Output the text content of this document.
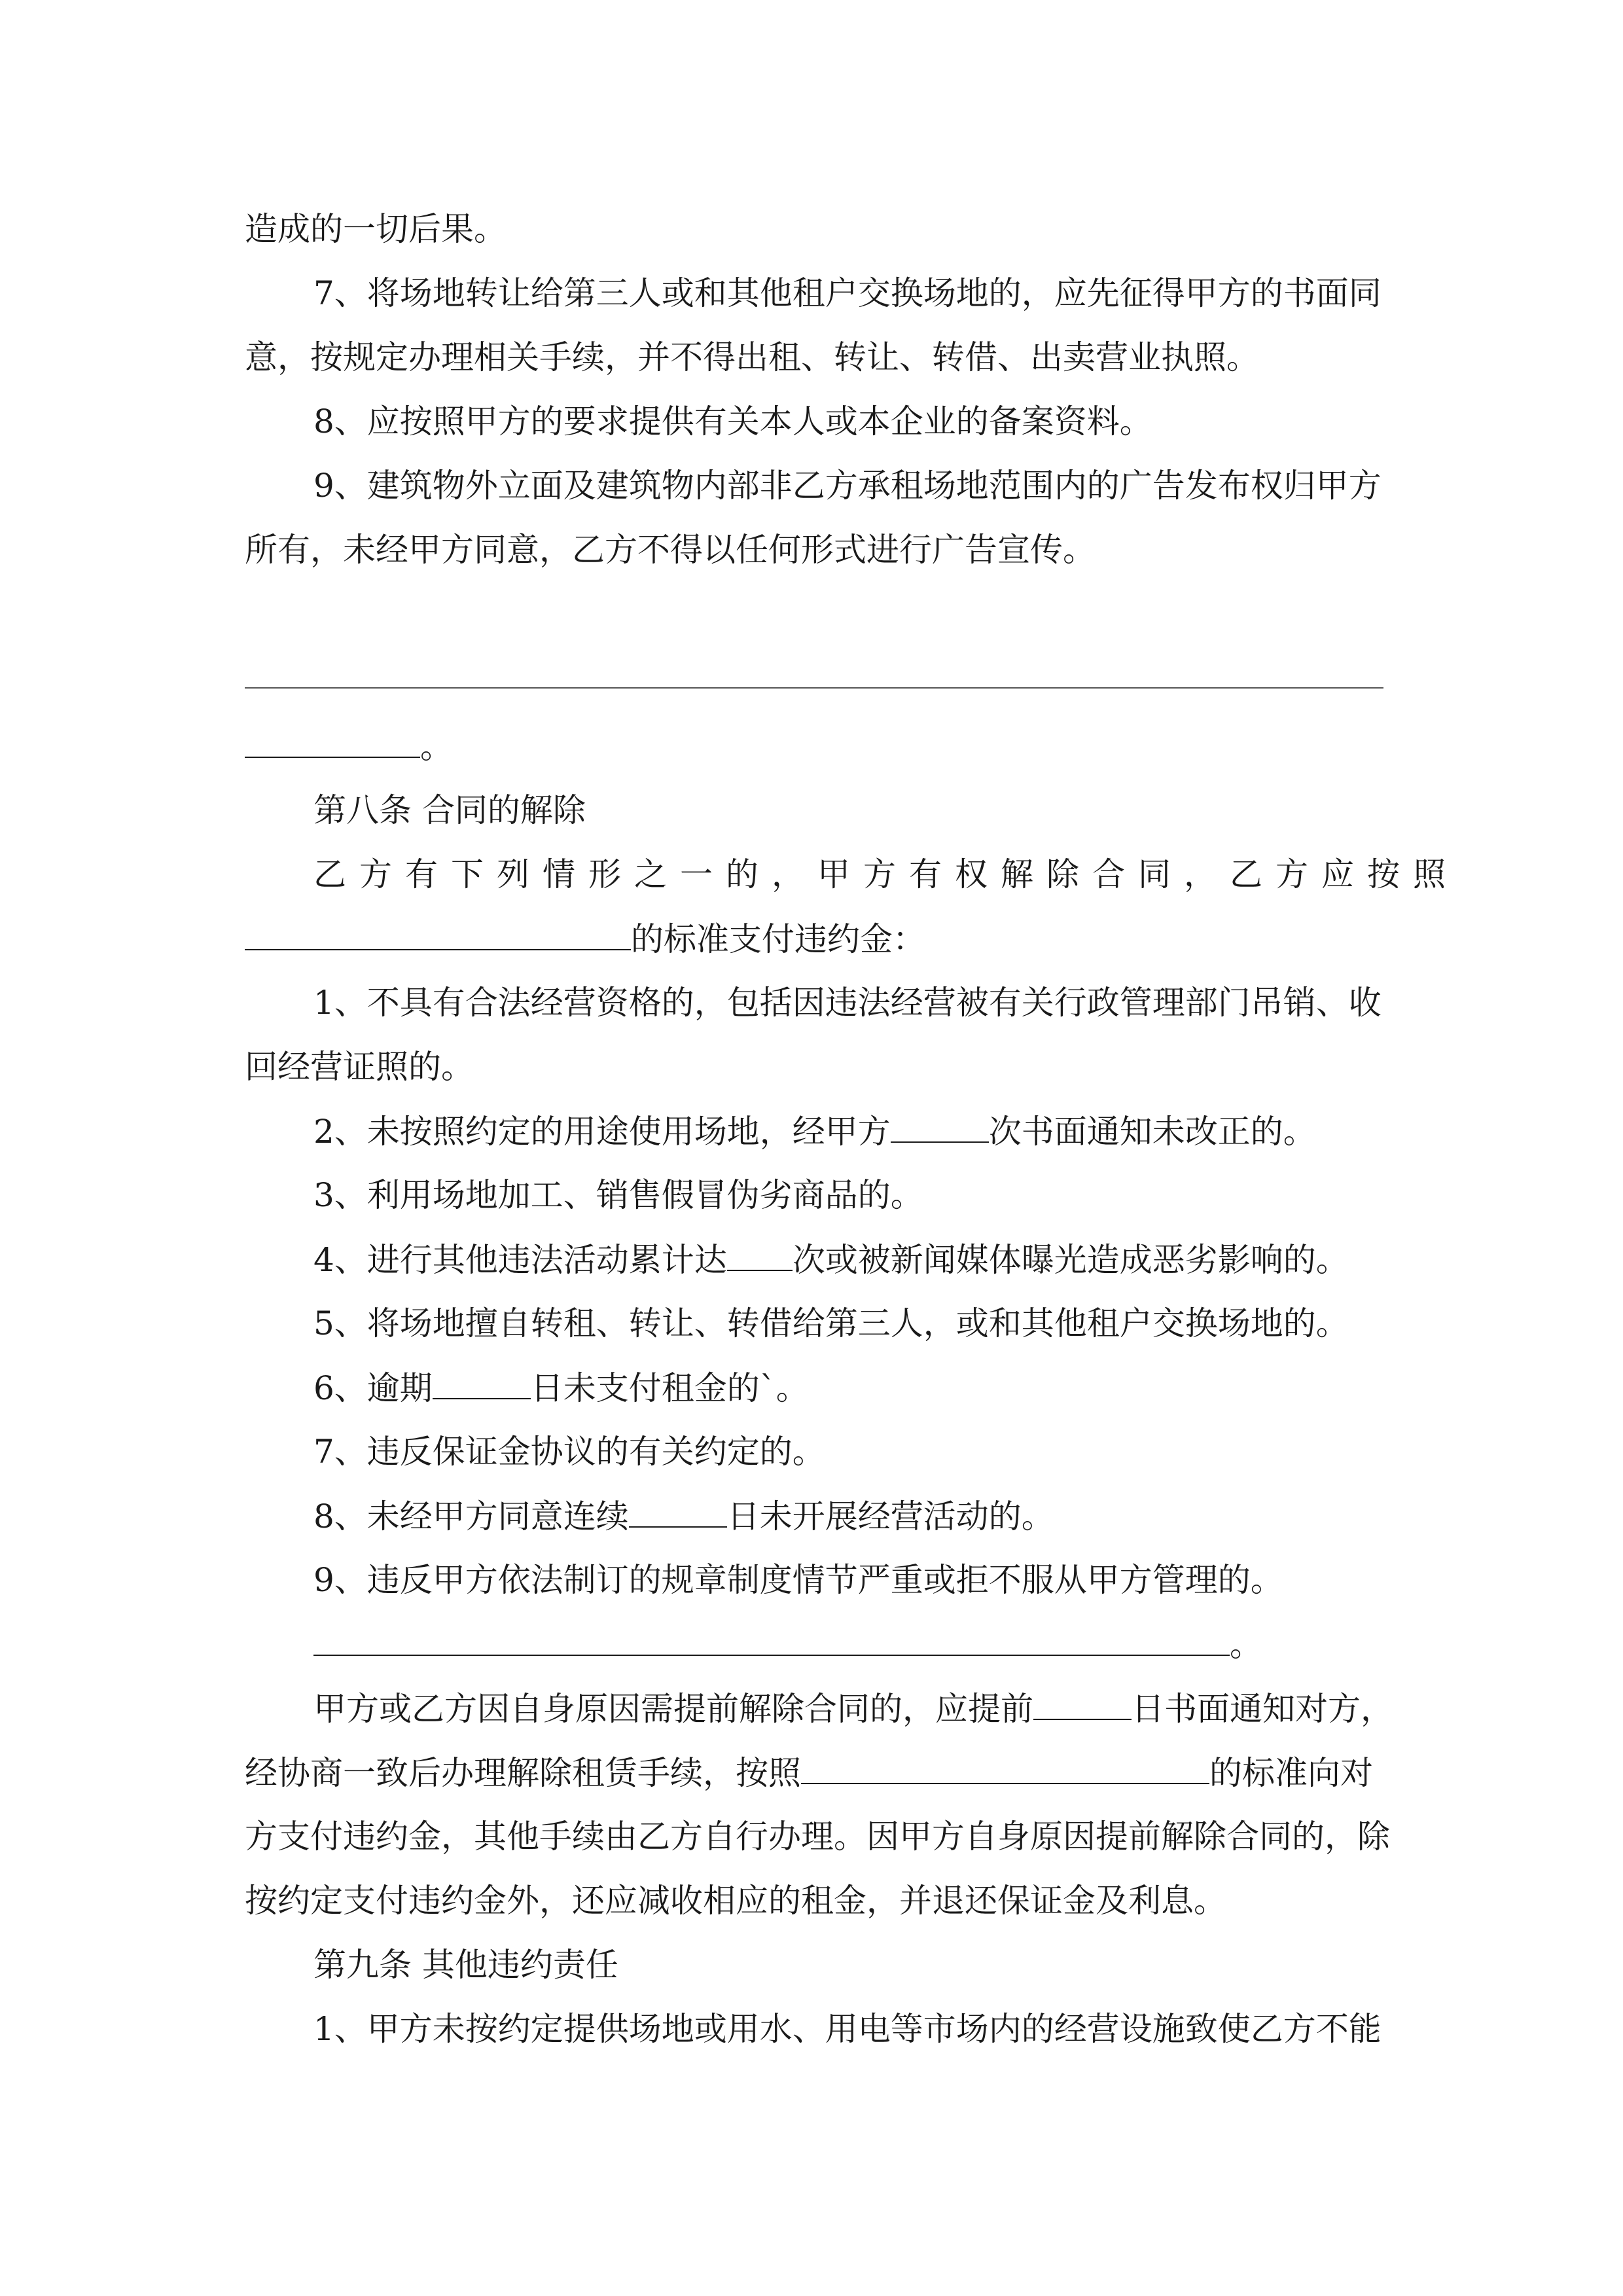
造成的一切后果。
7、将场地转让给第三人或和其他租户交换场地的，应先征得甲方的书面同
意，按规定办理相关手续，并不得出租、转让、转借、出卖营业执照。
8、应按照甲方的要求提供有关本人或本企业的备案资料。
9、建筑物外立面及建筑物内部非乙方承租场地范围内的广告发布权归甲方
所有，未经甲方同意，乙方不得以任何形式进行广告宣传。
。
第八条 合同的解除
乙方有下列情形之一的，甲方有权解除合同，乙方应按照
的标准支付违约金：
1、不具有合法经营资格的，包括因违法经营被有关行政管理部门吊销、收
回经营证照的。
2、未按照约定的用途使用场地，经甲方	次书面通知未改正的。
3、利用场地加工、销售假冒伪劣商品的。
4、进行其他违法活动累计达 次或被新闻媒体曝光造成恶劣影响的。
5、将场地擅自转租、转让、转借给第三人，或和其他租户交换场地的。
6、逾期	日未支付租金的`。
7、违反保证金协议的有关约定的。
8、未经甲方同意连续	日未开展经营活动的。
9、违反甲方依法制订的规章制度情节严重或拒不服从甲方管理的。
。
甲方或乙方因自身原因需提前解除合同的，应提前	日书面通知对方，
经协商一致后办理解除租赁手续，按照	的标准向对
方支付违约金，其他手续由乙方自行办理。因甲方自身原因提前解除合同的，除
按约定支付违约金外，还应减收相应的租金，并退还保证金及利息。
第九条 其他违约责任
1、甲方未按约定提供场地或用水、用电等市场内的经营设施致使乙方不能
